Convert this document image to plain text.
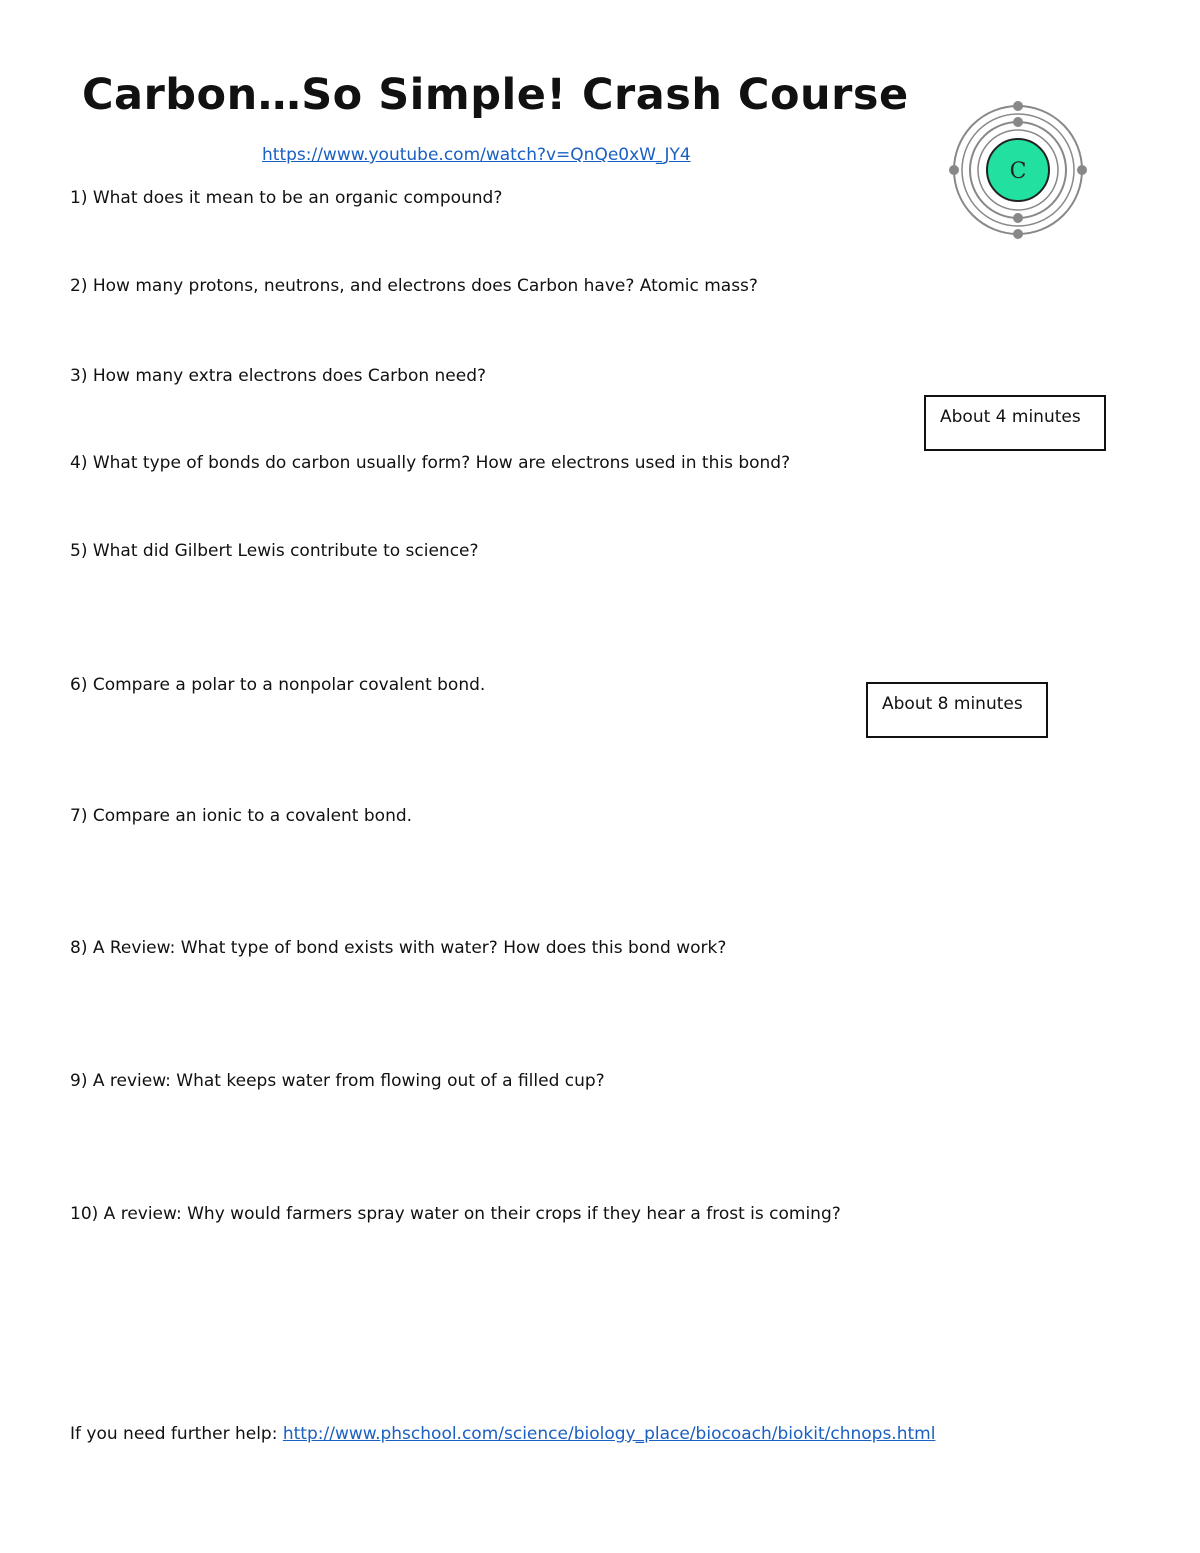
Carbon…So Simple! Crash Course
https://www.youtube.com/watch?v=QnQe0xW_JY4
C
1) What does it mean to be an organic compound?
2) How many protons, neutrons, and electrons does Carbon have? Atomic mass?
3) How many extra electrons does Carbon need?
4) What type of bonds do carbon usually form? How are electrons used in this bond?
5) What did Gilbert Lewis contribute to science?
6) Compare a polar to a nonpolar covalent bond.
7) Compare an ionic to a covalent bond.
8) A Review: What type of bond exists with water? How does this bond work?
9) A review: What keeps water from flowing out of a filled cup?
10) A review: Why would farmers spray water on their crops if they hear a frost is coming?
About 4 minutes
About 8 minutes
If you need further help: http://www.phschool.com/science/biology_place/biocoach/biokit/chnops.html
